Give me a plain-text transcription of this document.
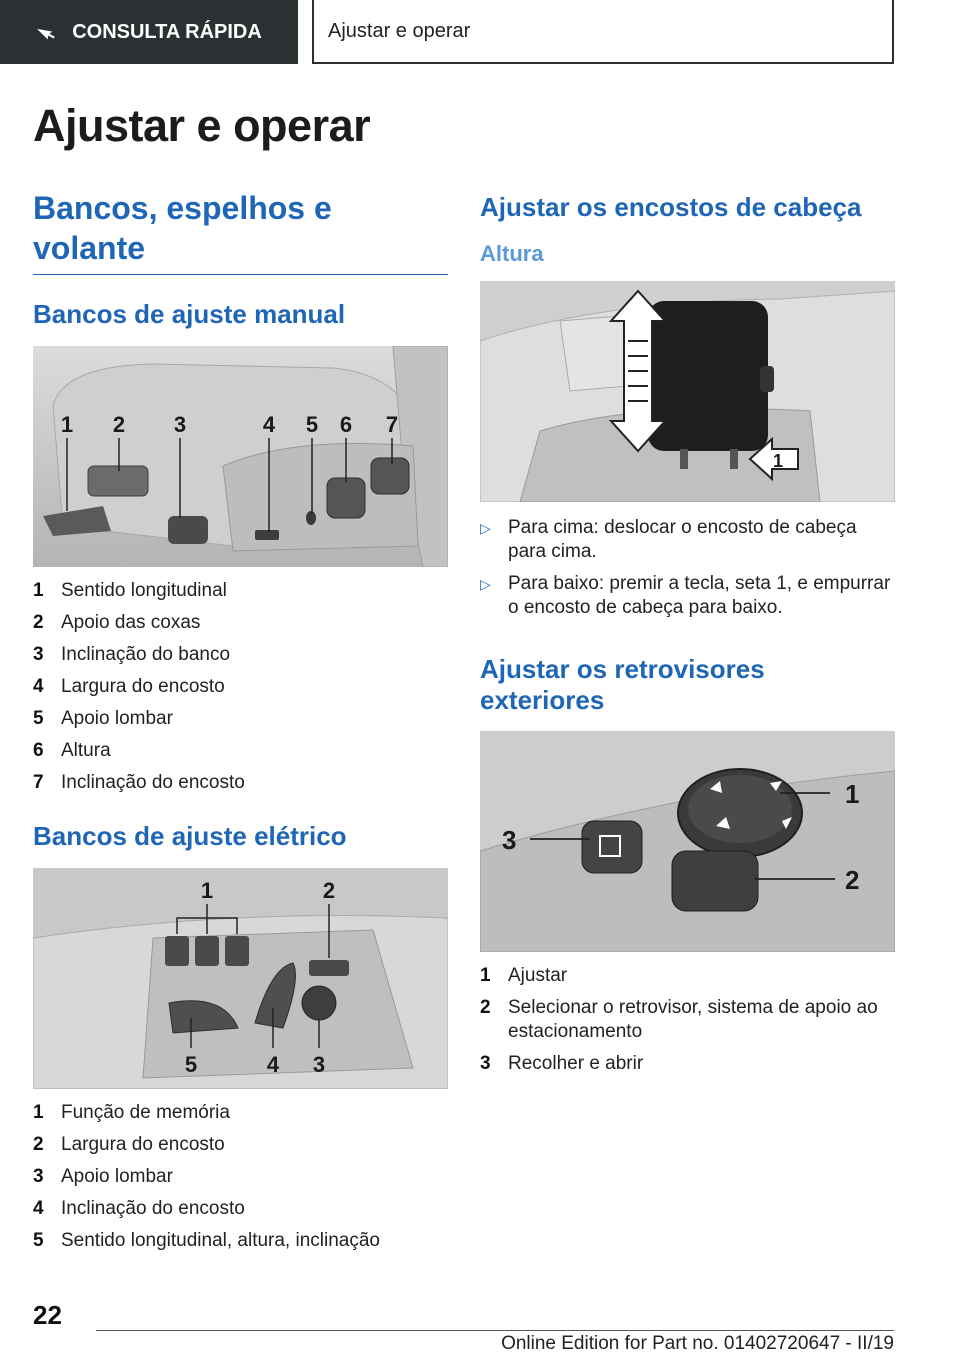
CONSULTA RÁPIDA	Ajustar e operar
Ajustar e operar
Bancos, espelhos e volante
Bancos de ajuste manual
1 2 3	4 5 6 7
1 Sentido longitudinal
2 Apoio das coxas
3 Inclinação do banco
4 Largura do encosto
5 Apoio lombar
6 Altura
7 Inclinação do encosto
Bancos de ajuste elétrico
1	2
5	4 3
1 Função de memória
2 Largura do encosto
3 Apoio lombar
4 Inclinação do encosto
5 Sentido longitudinal, altura, inclinação
Ajustar os encostos de cabeça
Altura
1
▷ Para cima: deslocar o encosto de cabeça para cima.
▷ Para baixo: premir a tecla, seta 1, e empurrar o encosto de cabeça para baixo.
Ajustar os retrovisores exteriores
1
2
3
1 Ajustar
2 Selecionar o retrovisor, sistema de apoio ao estacionamento
3 Recolher e abrir
22
Online Edition for Part no. 01402720647 - II/19
